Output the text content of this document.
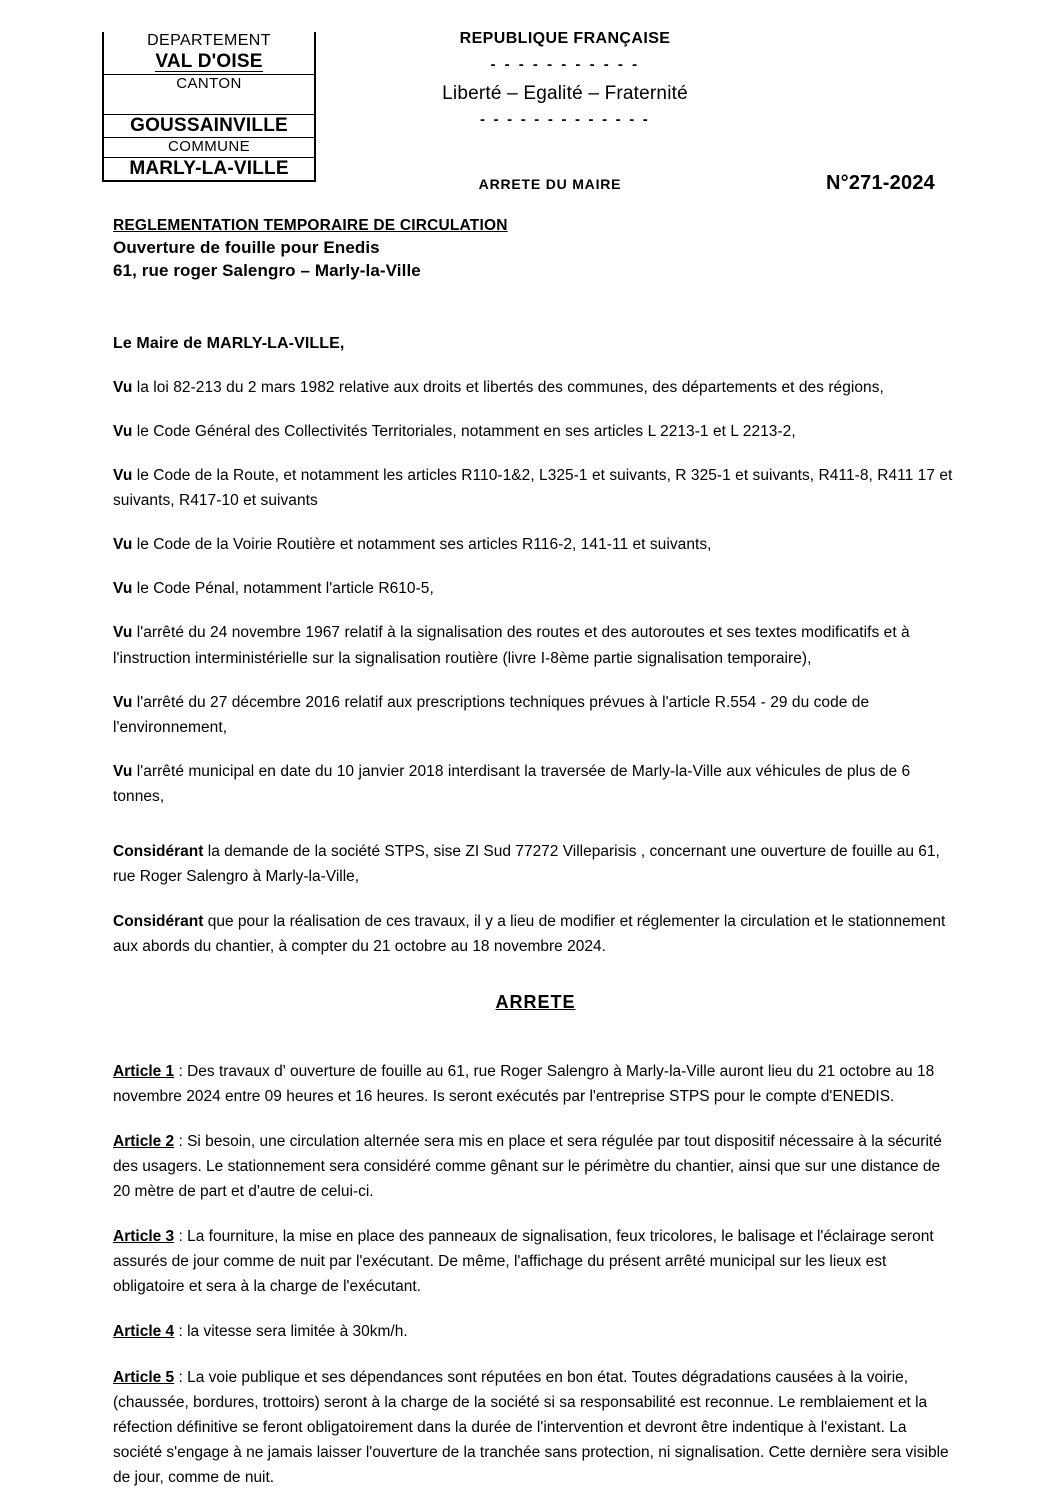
DEPARTEMENT
VAL D'OISE
CANTON
GOUSSAINVILLE
COMMUNE
MARLY-LA-VILLE
REPUBLIQUE FRANÇAISE
- - - - - - - - - - -
Liberté – Egalité – Fraternité
- - - - - - - - - - - - -
ARRETE DU MAIRE	N°271-2024
REGLEMENTATION TEMPORAIRE DE CIRCULATION
Ouverture de fouille pour Enedis
61, rue roger Salengro – Marly-la-Ville
Le Maire de MARLY-LA-VILLE,

Vu la loi 82-213 du 2 mars 1982 relative aux droits et libertés des communes, des départements et des régions,

Vu le Code Général des Collectivités Territoriales, notamment en ses articles L 2213-1 et L 2213-2,

Vu le Code de la Route, et notamment les articles R110-1&2, L325-1 et suivants, R 325-1 et suivants, R411-8, R411 17 et suivants, R417-10 et suivants

Vu le Code de la Voirie Routière et notamment ses articles R116-2, 141-11 et suivants,

Vu le Code Pénal, notamment l'article R610-5,

Vu l'arrêté du 24 novembre 1967 relatif à la signalisation des routes et des autoroutes et ses textes modificatifs et à l'instruction interministérielle sur la signalisation routière (livre I-8ème partie signalisation temporaire),

Vu l'arrêté du 27 décembre 2016 relatif aux prescriptions techniques prévues à l'article R.554 - 29 du code de l'environnement,

Vu l'arrêté municipal en date du 10 janvier 2018 interdisant la traversée de Marly-la-Ville aux véhicules de plus de 6 tonnes,

Considérant la demande de la société STPS, sise ZI Sud 77272 Villeparisis , concernant une ouverture de fouille au 61, rue Roger Salengro à Marly-la-Ville,

Considérant que pour la réalisation de ces travaux, il y a lieu de modifier et réglementer la circulation et le stationnement aux abords du chantier, à compter du 21 octobre au 18 novembre 2024.

ARRETE

Article 1 : Des travaux d' ouverture de fouille au 61, rue Roger Salengro à Marly-la-Ville auront lieu du 21 octobre au 18 novembre 2024 entre 09 heures et 16 heures. Is seront exécutés par l'entreprise STPS pour le compte d'ENEDIS.

Article 2 : Si besoin, une circulation alternée sera mis en place et sera régulée par tout dispositif nécessaire à la sécurité des usagers. Le stationnement sera considéré comme gênant sur le périmètre du chantier, ainsi que sur une distance de 20 mètre de part et d'autre de celui-ci.

Article 3 : La fourniture, la mise en place des panneaux de signalisation, feux tricolores, le balisage et l'éclairage seront assurés de jour comme de nuit par l'exécutant. De même, l'affichage du présent arrêté municipal sur les lieux est obligatoire et sera à la charge de l'exécutant.

Article 4 : la vitesse sera limitée à 30km/h.

Article 5 : La voie publique et ses dépendances sont réputées en bon état. Toutes dégradations causées à la voirie, (chaussée, bordures, trottoirs) seront à la charge de la société si sa responsabilité est reconnue. Le remblaiement et la réfection définitive se feront obligatoirement dans la durée de l'intervention et devront être indentique à l'existant. La société s'engage à ne jamais laisser l'ouverture de la tranchée sans protection, ni signalisation. Cette dernière sera visible de jour, comme de nuit.
